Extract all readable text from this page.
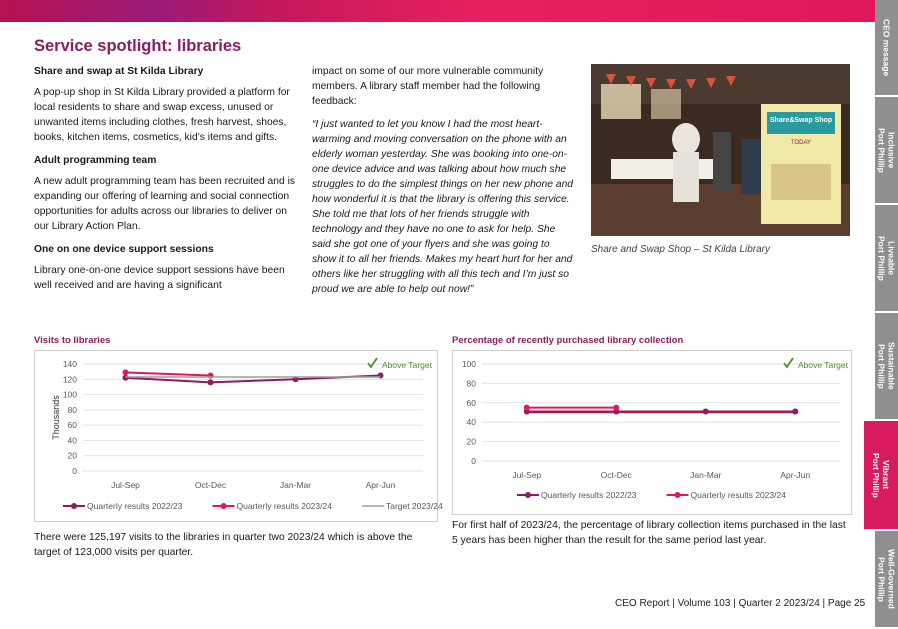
CEO message
Inclusive
Port Phillip
Liveable
Port Phillip
Sustainable
Port Phillip
Vibrant
Port Phillip
Well-Governed
Port Phillip
Service spotlight: libraries
Share and swap at St Kilda Library

A pop-up shop in St Kilda Library provided a platform for local residents to share and swap excess, unused or unwanted items including clothes, fresh harvest, shoes, books, kitchen items, cosmetics, kid’s items and gifts.

Adult programming team

A new adult programming team has been recruited and is expanding our offering of learning and social connection opportunities for adults across our libraries to deliver on our Library Action Plan.

One on one device support sessions

Library one-on-one device support sessions have been well received and are having a significant

impact on some of our more vulnerable community members. A library staff member had the following feedback:

“I just wanted to let you know I had the most heart-warming and moving conversation on the phone with an elderly woman yesterday. She was booking into one-on-one device advice and was talking about how much she struggles to do the simplest things on her new phone and how wonderful it is that the library is offering this service. She told me that lots of her friends struggle with technology and they have no one to ask for help. She said she got one of your flyers and she was going to show it to all her friends. Makes my heart hurt for her and others like her struggling with all this tech and I’m just so proud we are able to help out now!”

Share&Swap Shop
TODAY
Share and Swap Shop – St Kilda Library
Visits to libraries
0
20
40
60
80
100
120
140
Jul-Sep	Oct-Dec	Jan-Mar	Apr-Jun
Thousands
Above Target
Quarterly results 2022/23	Quarterly results 2023/24	Target 2023/24
There were 125,197 visits to the libraries in quarter two 2023/24 which is above the target of 123,000 visits per quarter.
Percentage of recently purchased library collection
0
20
40
60
80
100
Jul-Sep	Oct-Dec	Jan-Mar	Apr-Jun
Above Target
Quarterly results 2022/23	Quarterly results 2023/24
For first half of 2023/24, the percentage of library collection items purchased in the last 5 years has been higher than the result for the same period last year.
CEO Report | Volume 103 | Quarter 2 2023/24 | Page 25
